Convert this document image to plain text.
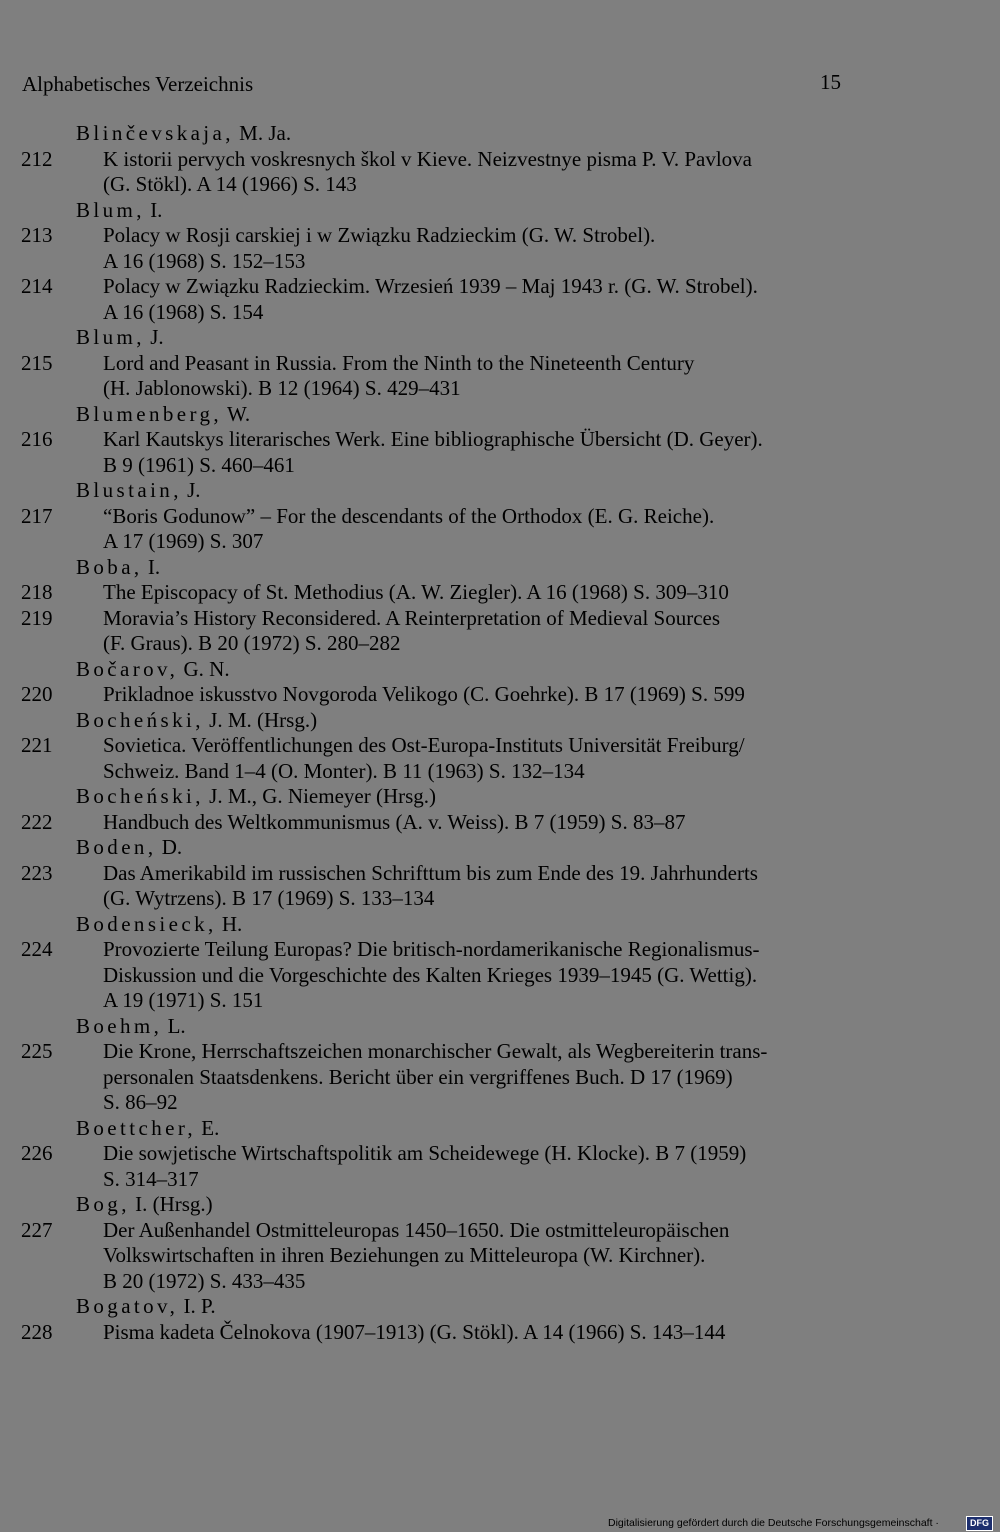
Alphabetisches Verzeichnis	15
Blinčevskaja, M. Ja.
212 K istorii pervych voskresnych škol v Kieve. Neizvestnye pisma P. V. Pavlova
(G. Stökl). A 14 (1966) S. 143
Blum, I.
213 Polacy w Rosji carskiej i w Związku Radzieckim (G. W. Strobel).
A 16 (1968) S. 152–153
214 Polacy w Związku Radzieckim. Wrzesień 1939 – Maj 1943 r. (G. W. Strobel).
A 16 (1968) S. 154
Blum, J.
215 Lord and Peasant in Russia. From the Ninth to the Nineteenth Century
(H. Jablonowski). B 12 (1964) S. 429–431
Blumenberg, W.
216 Karl Kautskys literarisches Werk. Eine bibliographische Übersicht (D. Geyer).
B 9 (1961) S. 460–461
Blustain, J.
217 “Boris Godunow” – For the descendants of the Orthodox (E. G. Reiche).
A 17 (1969) S. 307
Boba, I.
218 The Episcopacy of St. Methodius (A. W. Ziegler). A 16 (1968) S. 309–310
219 Moravia’s History Reconsidered. A Reinterpretation of Medieval Sources
(F. Graus). B 20 (1972) S. 280–282
Bočarov, G. N.
220 Prikladnoe iskusstvo Novgoroda Velikogo (C. Goehrke). B 17 (1969) S. 599
Bocheński, J. M. (Hrsg.)
221 Sovietica. Veröffentlichungen des Ost-Europa-Instituts Universität Freiburg/
Schweiz. Band 1–4 (O. Monter). B 11 (1963) S. 132–134
Bocheński, J. M., G. Niemeyer (Hrsg.)
222 Handbuch des Weltkommunismus (A. v. Weiss). B 7 (1959) S. 83–87
Boden, D.
223 Das Amerikabild im russischen Schrifttum bis zum Ende des 19. Jahrhunderts
(G. Wytrzens). B 17 (1969) S. 133–134
Bodensieck, H.
224 Provozierte Teilung Europas? Die britisch-nordamerikanische Regionalismus-
Diskussion und die Vorgeschichte des Kalten Krieges 1939–1945 (G. Wettig).
A 19 (1971) S. 151
Boehm, L.
225 Die Krone, Herrschaftszeichen monarchischer Gewalt, als Wegbereiterin trans-
personalen Staatsdenkens. Bericht über ein vergriffenes Buch. D 17 (1969)
S. 86–92
Boettcher, E.
226 Die sowjetische Wirtschaftspolitik am Scheidewege (H. Klocke). B 7 (1959)
S. 314–317
Bog, I. (Hrsg.)
227 Der Außenhandel Ostmitteleuropas 1450–1650. Die ostmitteleuropäischen
Volkswirtschaften in ihren Beziehungen zu Mitteleuropa (W. Kirchner).
B 20 (1972) S. 433–435
Bogatov, I. P.
228 Pisma kadeta Čelnokova (1907–1913) (G. Stökl). A 14 (1966) S. 143–144
Digitalisierung gefördert durch die Deutsche Forschungsgemeinschaft ·	DFG
